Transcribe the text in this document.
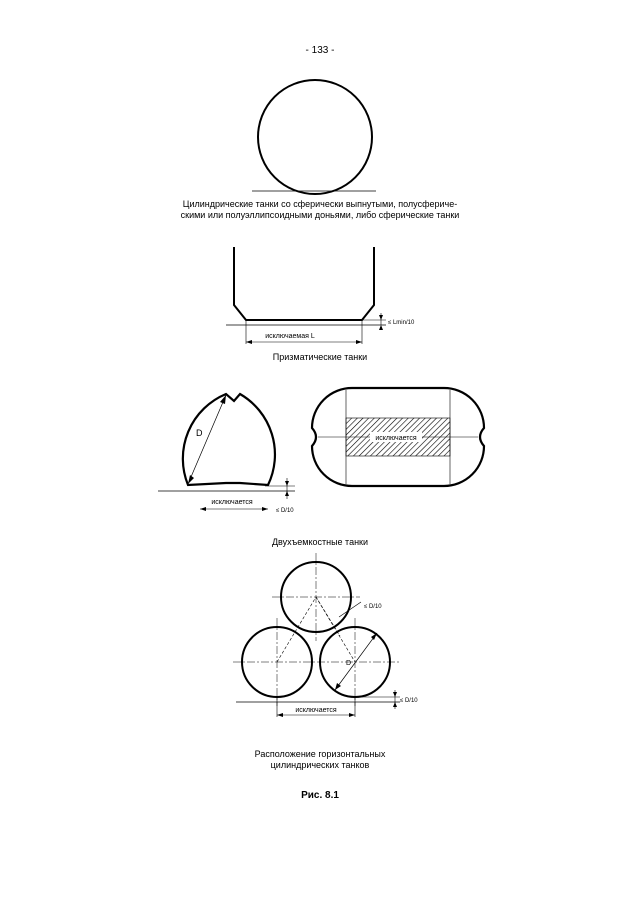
- 133 -
исключаемая L
≤ Lmin/10
D
исключается
≤ D/10
исключается
D
≤ D/10
исключается
≤ D/10
Цилиндрические танки со сферически выпнутыми, полусфериче-
скими или полуэллипсоидными доньями, либо сферические танки
Призматические танки
Двухъемкостные танки
Расположение горизонтальных
цилиндрических танков
Рис. 8.1
